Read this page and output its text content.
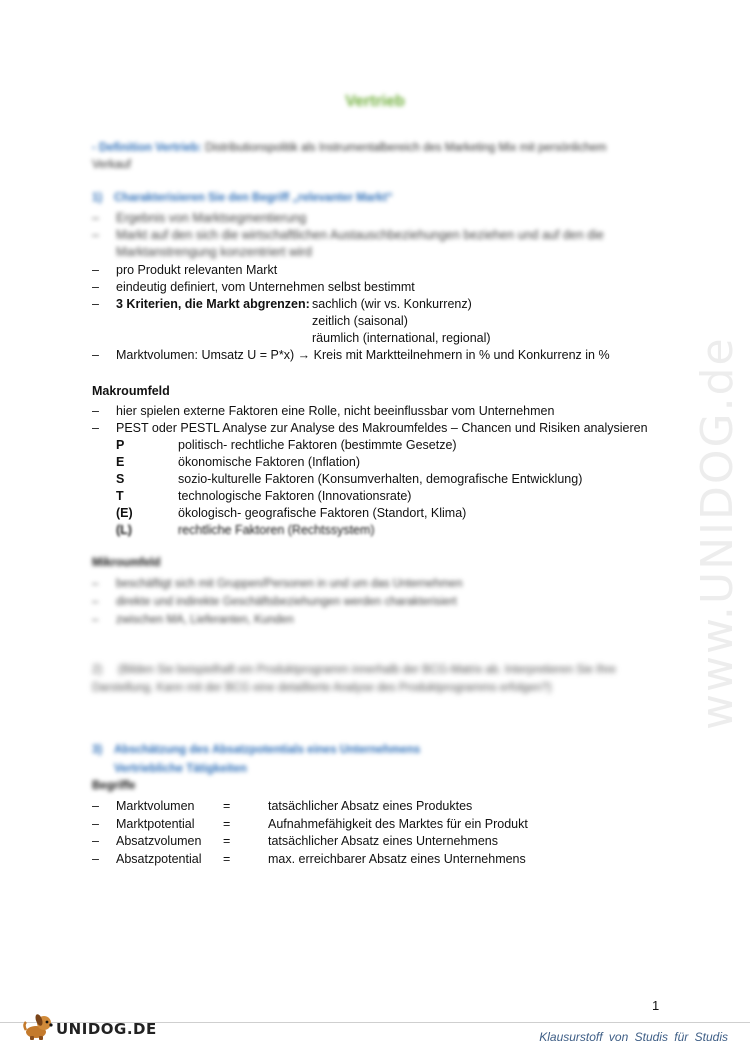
Vertrieb
- Definition Vertrieb: Distributionspolitik als Instrumentalbereich des Marketing Mix mit persönlichem Verkauf
1) Charakterisieren Sie den Begriff „relevanter Markt“
–	Ergebnis von Marktsegmentierung
–	Markt auf den sich die wirtschaftlichen Austauschbeziehungen beziehen und auf den die
Marktanstrengung konzentriert wird
–	pro Produkt relevanten Markt
–	eindeutig definiert, vom Unternehmen selbst bestimmt
–	3 Kriterien, die Markt abgrenzen: sachlich (wir vs. Konkurrenz)
zeitlich (saisonal)
räumlich (international, regional)
–	Marktvolumen: Umsatz U = P*x) → Kreis mit Marktteilnehmern in % und Konkurrenz in %
Makroumfeld
–	hier spielen externe Faktoren eine Rolle, nicht beeinflussbar vom Unternehmen
–	PEST oder PESTL Analyse zur Analyse des Makroumfeldes – Chancen und Risiken analysieren
P	politisch- rechtliche Faktoren (bestimmte Gesetze)
E	ökonomische Faktoren (Inflation)
S	sozio-kulturelle Faktoren (Konsumverhalten, demografische Entwicklung)
T	technologische Faktoren (Innovationsrate)
(E)	ökologisch- geografische Faktoren (Standort, Klima)
(L)	rechtliche Faktoren (Rechtssystem)
Mikroumfeld
–	beschäftigt sich mit Gruppen/Personen in und um das Unternehmen
–	direkte und indirekte Geschäftsbeziehungen werden charakterisiert
–	zwischen MA, Lieferanten, Kunden
2) (Bilden Sie beispielhaft ein Produktprogramm innerhalb der BCG-Matrix ab. Interpretieren Sie Ihre Darstellung. Kann mit der BCG eine detaillierte Analyse des Produktprogramms erfolgen?)
3) Abschätzung des Absatzpotentials eines Unternehmens
Vertriebliche Tätigkeiten
Begriffe
–	Marktvolumen	=	tatsächlicher Absatz eines Produktes
–	Marktpotential	=	Aufnahmefähigkeit des Marktes für ein Produkt
–	Absatzvolumen	=	tatsächlicher Absatz eines Unternehmens
–	Absatzpotential	=	max. erreichbarer Absatz eines Unternehmens
www.UNIDOG.de
1
UNIDOG.DE	Klausurstoff von Studis für Studis
